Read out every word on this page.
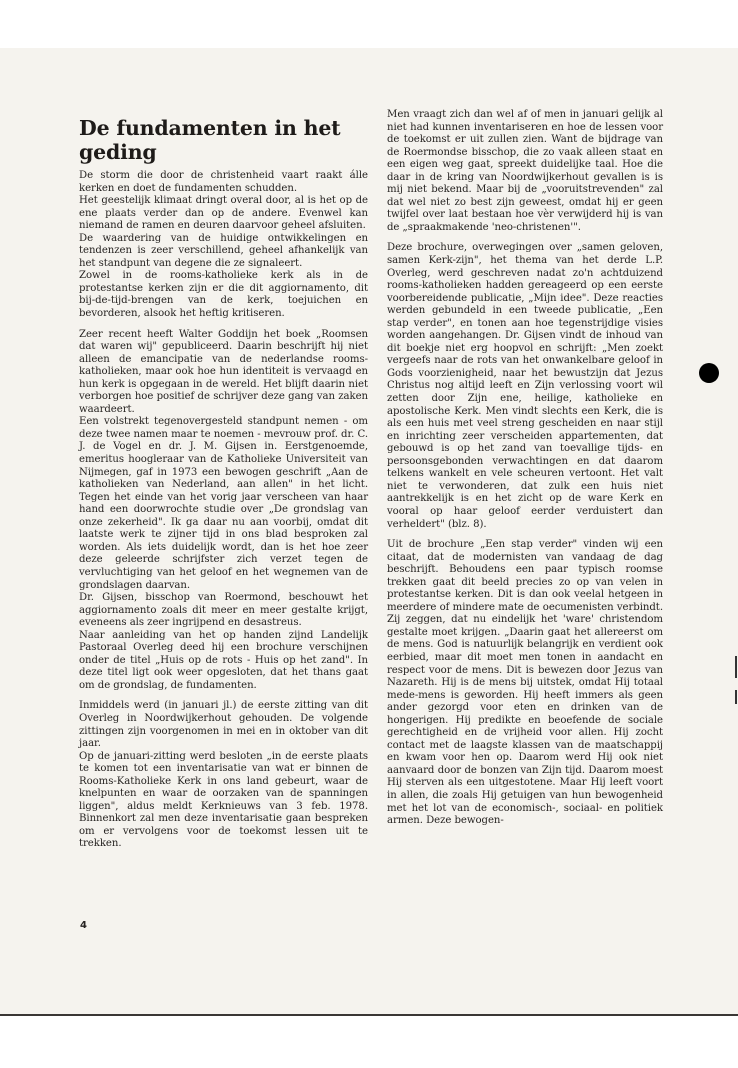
De fundamenten in het geding

De storm die door de christenheid vaart raakt álle kerken en doet de fundamenten schudden.

Het geestelijk klimaat dringt overal door, al is het op de ene plaats verder dan op de andere. Evenwel kan niemand de ramen en deuren daarvoor geheel afsluiten.

De waardering van de huidige ontwikkelingen en tendenzen is zeer verschillend, geheel afhankelijk van het standpunt van degene die ze signaleert.

Zowel in de rooms-katholieke kerk als in de protestantse kerken zijn er die dit aggiornamento, dit bij-de-tijd-brengen van de kerk, toejuichen en bevorderen, alsook het heftig kritiseren.

Zeer recent heeft Walter Goddijn het boek „Roomsen dat waren wij" gepubliceerd. Daarin beschrijft hij niet alleen de emancipatie van de nederlandse rooms-katholieken, maar ook hoe hun identiteit is vervaagd en hun kerk is opgegaan in de wereld. Het blijft daarin niet verborgen hoe positief de schrijver deze gang van zaken waardeert.

Een volstrekt tegenovergesteld standpunt nemen - om deze twee namen maar te noemen - mevrouw prof. dr. C. J. de Vogel en dr. J. M. Gijsen in. Eerstgenoemde, emeritus hoogleraar van de Katholieke Universiteit van Nijmegen, gaf in 1973 een bewogen geschrift „Aan de katholieken van Nederland, aan allen" in het licht. Tegen het einde van het vorig jaar verscheen van haar hand een doorwrochte studie over „De grondslag van onze zekerheid". Ik ga daar nu aan voorbij, omdat dit laatste werk te zijner tijd in ons blad besproken zal worden. Als iets duidelijk wordt, dan is het hoe zeer deze geleerde schrijfster zich verzet tegen de vervluchtiging van het geloof en het wegnemen van de grondslagen daarvan.

Dr. Gijsen, bisschop van Roermond, beschouwt het aggiornamento zoals dit meer en meer gestalte krijgt, eveneens als zeer ingrijpend en desastreus.

Naar aanleiding van het op handen zijnd Landelijk Pastoraal Overleg deed hij een brochure verschijnen onder de titel „Huis op de rots - Huis op het zand". In deze titel ligt ook weer opgesloten, dat het thans gaat om de grondslag, de fundamenten.

Inmiddels werd (in januari jl.) de eerste zitting van dit Overleg in Noordwijkerhout gehouden. De volgende zittingen zijn voorgenomen in mei en in oktober van dit jaar.

Op de januari-zitting werd besloten „in de eerste plaats te komen tot een inventarisatie van wat er binnen de Rooms-Katholieke Kerk in ons land gebeurt, waar de knelpunten en waar de oorzaken van de spanningen liggen", aldus meldt Kerknieuws van 3 feb. 1978. Binnenkort zal men deze inventarisatie gaan bespreken om er vervolgens voor de toekomst lessen uit te trekken.

Men vraagt zich dan wel af of men in januari gelijk al niet had kunnen inventariseren en hoe de lessen voor de toekomst er uit zullen zien. Want de bijdrage van de Roermondse bisschop, die zo vaak alleen staat en een eigen weg gaat, spreekt duidelijke taal. Hoe die daar in de kring van Noordwijkerhout gevallen is is mij niet bekend. Maar bij de „vooruitstrevenden" zal dat wel niet zo best zijn geweest, omdat hij er geen twijfel over laat bestaan hoe vèr verwijderd hij is van de „spraakmakende 'neo-christenen'".

Deze brochure, overwegingen over „samen geloven, samen Kerk-zijn", het thema van het derde L.P. Overleg, werd geschreven nadat zo'n achtduizend rooms-katholieken hadden gereageerd op een eerste voorbereidende publicatie, „Mijn idee". Deze reacties werden gebundeld in een tweede publicatie, „Een stap verder", en tonen aan hoe tegenstrijdige visies worden aangehangen. Dr. Gijsen vindt de inhoud van dit boekje niet erg hoopvol en schrijft: „Men zoekt vergeefs naar de rots van het onwankelbare geloof in Gods voorzienigheid, naar het bewustzijn dat Jezus Christus nog altijd leeft en Zijn verlossing voort wil zetten door Zijn ene, heilige, katholieke en apostolische Kerk. Men vindt slechts een Kerk, die is als een huis met veel streng gescheiden en naar stijl en inrichting zeer verscheiden appartementen, dat gebouwd is op het zand van toevallige tijds- en persoonsgebonden verwachtingen en dat daarom telkens wankelt en vele scheuren vertoont. Het valt niet te verwonderen, dat zulk een huis niet aantrekkelijk is en het zicht op de ware Kerk en vooral op haar geloof eerder verduistert dan verheldert" (blz. 8).

Uit de brochure „Een stap verder" vinden wij een citaat, dat de modernisten van vandaag de dag beschrijft. Behoudens een paar typisch roomse trekken gaat dit beeld precies zo op van velen in protestantse kerken. Dit is dan ook veelal hetgeen in meerdere of mindere mate de oecumenisten verbindt. Zij zeggen, dat nu eindelijk het 'ware' christendom gestalte moet krijgen. „Daarin gaat het allereerst om de mens. God is natuurlijk belangrijk en verdient ook eerbied, maar dit moet men tonen in aandacht en respect voor de mens. Dit is bewezen door Jezus van Nazareth. Hij is de mens bij uitstek, omdat Hij totaal mede-mens is geworden. Hij heeft immers als geen ander gezorgd voor eten en drinken van de hongerigen. Hij predikte en beoefende de sociale gerechtigheid en de vrijheid voor allen. Hij zocht contact met de laagste klassen van de maatschappij en kwam voor hen op. Daarom werd Hij ook niet aanvaard door de bonzen van Zijn tijd. Daarom moest Hij sterven als een uitgestotene. Maar Hij leeft voort in allen, die zoals Hij getuigen van hun bewogenheid met het lot van de economisch-, sociaal- en politiek armen. Deze bewogen-

4
